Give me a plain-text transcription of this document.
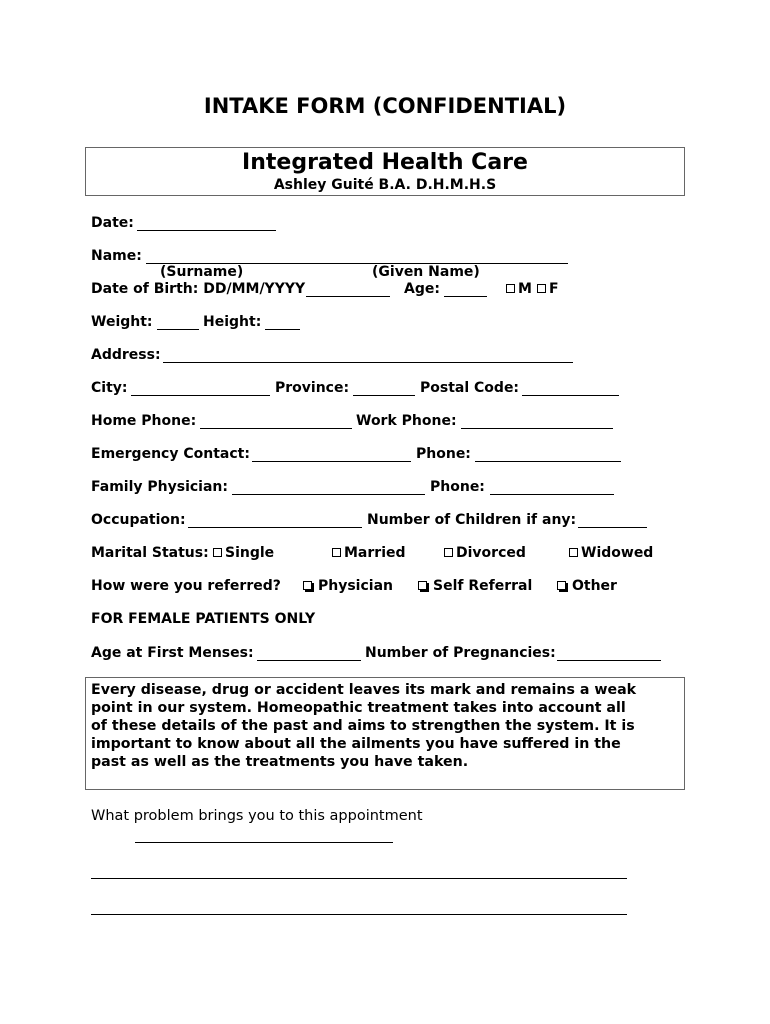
INTAKE FORM (CONFIDENTIAL)
Integrated Health Care
Ashley Guité B.A. D.H.M.H.S
Date:
Name:
(Surname)	(Given Name)
Date of Birth: DD/MM/YYYY	Age:	M	F
Weight:	Height:
Address:
City:	Province:	Postal Code:
Home Phone:	Work Phone:
Emergency Contact:	Phone:
Family Physician:	Phone:
Occupation:	Number of Children if any:
Marital Status:	Single	Married	Divorced	Widowed
How were you referred?	Physician	Self Referral	Other
FOR FEMALE PATIENTS ONLY
Age at First Menses:	Number of Pregnancies:
Every disease, drug or accident leaves its mark and remains a weak
point in our system. Homeopathic treatment takes into account all
of these details of the past and aims to strengthen the system. It is
important to know about all the ailments you have suffered in the
past as well as the treatments you have taken.
What problem brings you to this appointment
